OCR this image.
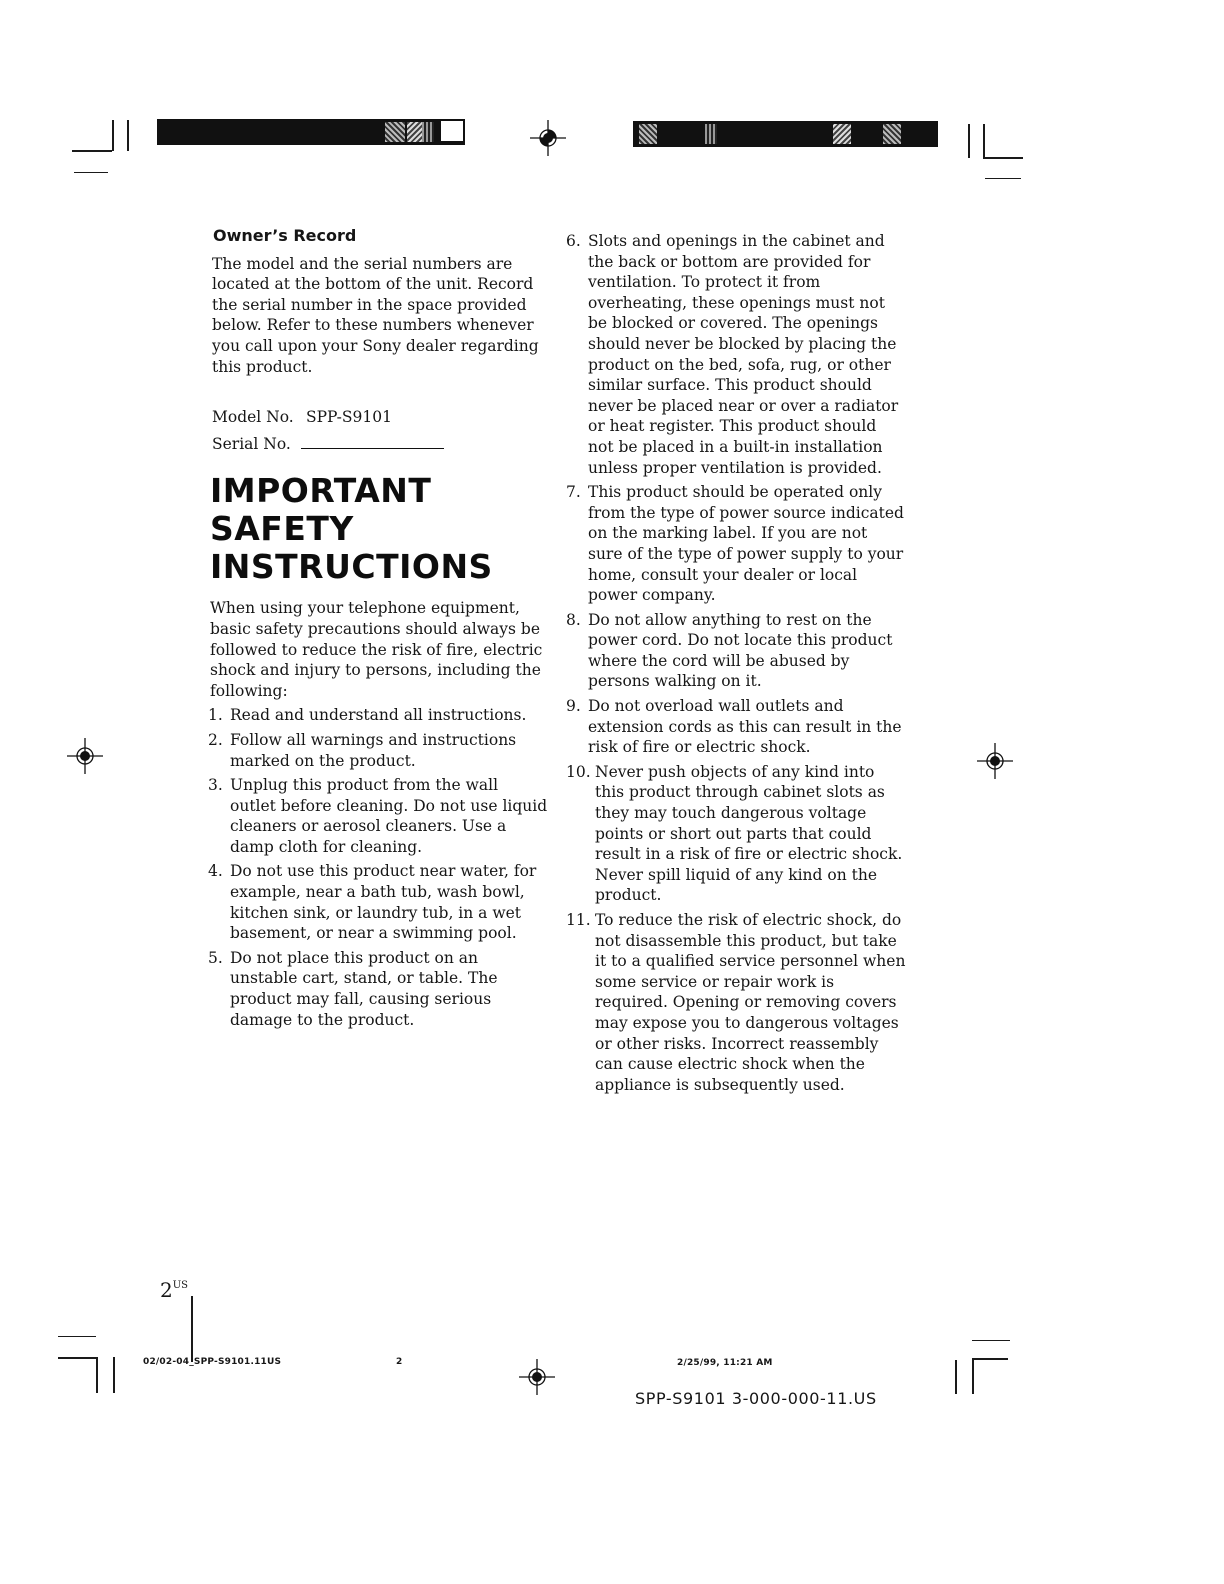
Owner’s Record

The model and the serial numbers are located at the bottom of the unit. Record the serial number in the space provided below. Refer to these numbers whenever you call upon your Sony dealer regarding this product.

Model No. SPP-S9101
Serial No.
IMPORTANT
SAFETY
INSTRUCTIONS

When using your telephone equipment, basic safety precautions should always be followed to reduce the risk of fire, electric shock and injury to persons, including the following:

1. Read and understand all instructions.
2. Follow all warnings and instructions marked on the product.
3. Unplug this product from the wall outlet before cleaning. Do not use liquid cleaners or aerosol cleaners. Use a damp cloth for cleaning.
4. Do not use this product near water, for example, near a bath tub, wash bowl, kitchen sink, or laundry tub, in a wet basement, or near a swimming pool.
5. Do not place this product on an unstable cart, stand, or table. The product may fall, causing serious damage to the product.
6. Slots and openings in the cabinet and the back or bottom are provided for ventilation. To protect it from overheating, these openings must not be blocked or covered. The openings should never be blocked by placing the product on the bed, sofa, rug, or other similar surface. This product should never be placed near or over a radiator or heat register. This product should not be placed in a built-in installation unless proper ventilation is provided.
7. This product should be operated only from the type of power source indicated on the marking label. If you are not sure of the type of power supply to your home, consult your dealer or local power company.
8. Do not allow anything to rest on the power cord. Do not locate this product where the cord will be abused by persons walking on it.
9. Do not overload wall outlets and extension cords as this can result in the risk of fire or electric shock.
10. Never push objects of any kind into this product through cabinet slots as they may touch dangerous voltage points or short out parts that could result in a risk of fire or electric shock. Never spill liquid of any kind on the product.
11. To reduce the risk of electric shock, do not disassemble this product, but take it to a qualified service personnel when some service or repair work is required. Opening or removing covers may expose you to dangerous voltages or other risks. Incorrect reassembly can cause electric shock when the appliance is subsequently used.
$2^{US}$
02/02-04_SPP-S9101.11US	2	2/25/99, 11:21 AM
SPP-S9101 3-000-000-11.US
